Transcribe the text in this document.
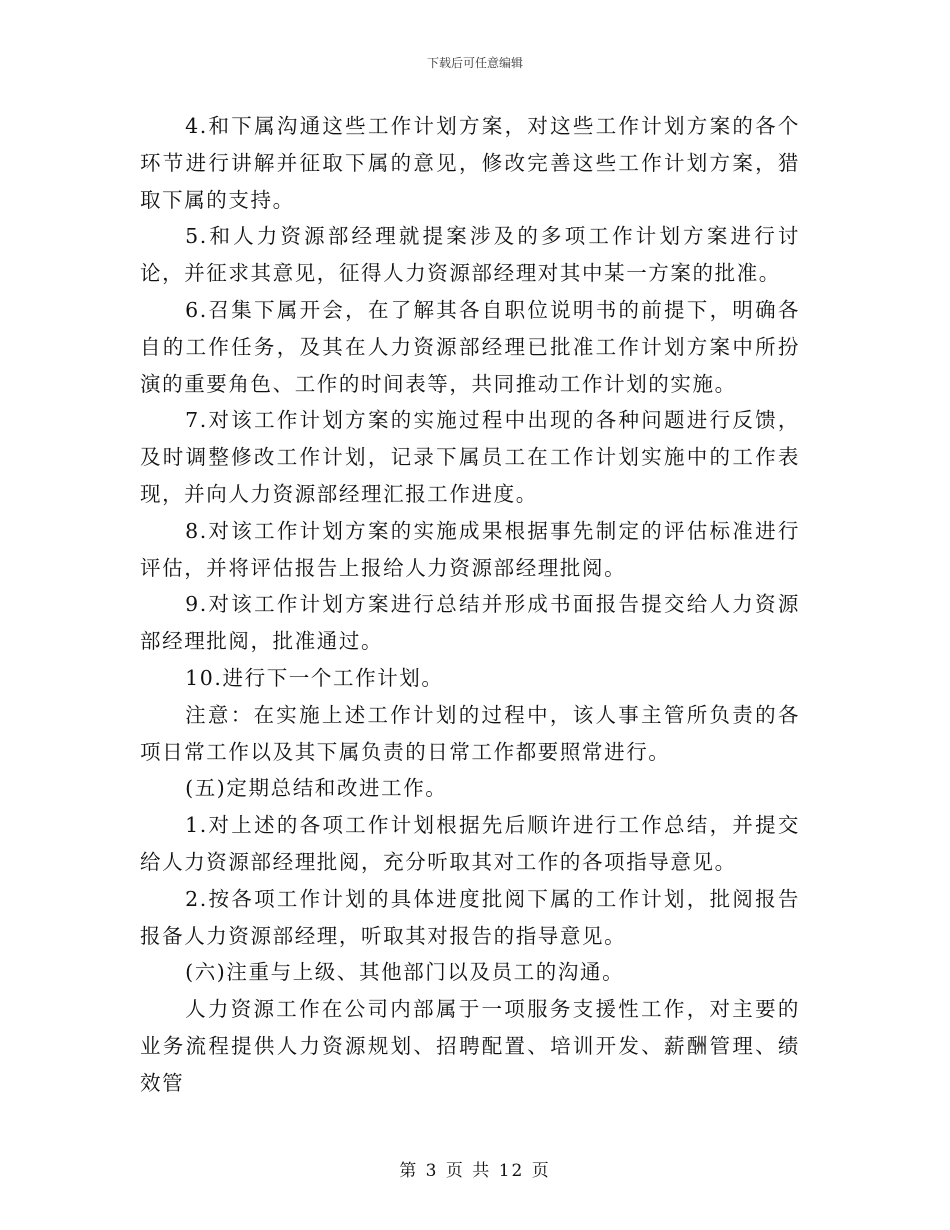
下载后可任意编辑

4.和下属沟通这些工作计划方案，对这些工作计划方案的各个环节进行讲解并征取下属的意见，修改完善这些工作计划方案，猎取下属的支持。

5.和人力资源部经理就提案涉及的多项工作计划方案进行讨论，并征求其意见，征得人力资源部经理对其中某一方案的批准。

6.召集下属开会，在了解其各自职位说明书的前提下，明确各自的工作任务，及其在人力资源部经理已批准工作计划方案中所扮演的重要角色、工作的时间表等，共同推动工作计划的实施。

7.对该工作计划方案的实施过程中出现的各种问题进行反馈，及时调整修改工作计划，记录下属员工在工作计划实施中的工作表现，并向人力资源部经理汇报工作进度。

8.对该工作计划方案的实施成果根据事先制定的评估标准进行评估，并将评估报告上报给人力资源部经理批阅。

9.对该工作计划方案进行总结并形成书面报告提交给人力资源部经理批阅，批准通过。

10.进行下一个工作计划。

注意：在实施上述工作计划的过程中，该人事主管所负责的各项日常工作以及其下属负责的日常工作都要照常进行。

(五)定期总结和改进工作。

1.对上述的各项工作计划根据先后顺许进行工作总结，并提交给人力资源部经理批阅，充分听取其对工作的各项指导意见。

2.按各项工作计划的具体进度批阅下属的工作计划，批阅报告报备人力资源部经理，听取其对报告的指导意见。

(六)注重与上级、其他部门以及员工的沟通。

人力资源工作在公司内部属于一项服务支援性工作，对主要的业务流程提供人力资源规划、招聘配置、培训开发、薪酬管理、绩效管

第 3 页 共 12 页
